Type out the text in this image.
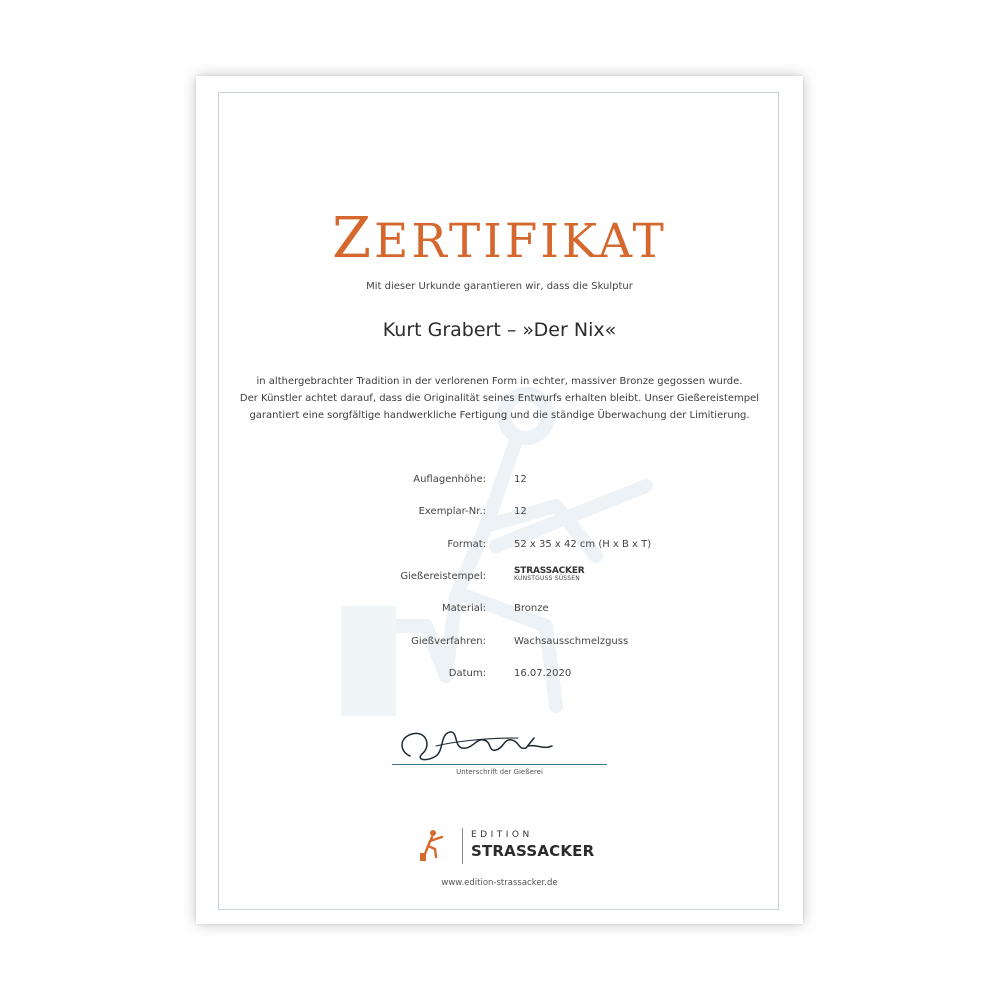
ZERTIFIKAT
Mit dieser Urkunde garantieren wir, dass die Skulptur
Kurt Grabert – »Der Nix«
in althergebrachter Tradition in der verlorenen Form in echter, massiver Bronze gegossen wurde.
Der Künstler achtet darauf, dass die Originalität seines Entwurfs erhalten bleibt. Unser Gießereistempel
garantiert eine sorgfältige handwerkliche Fertigung und die ständige Überwachung der Limitierung.
Auflagenhöhe:	12
Exemplar-Nr.:	12
Format:	52 x 35 x 42 cm (H x B x T)
Gießereistempel:	STRASSACKER
KUNSTGUSS SÜSSEN
Material:	Bronze
Gießverfahren:	Wachsausschmelzguss
Datum:	16.07.2020
Unterschrift der Gießerei
EDITION
STRASSACKER
www.edition-strassacker.de
